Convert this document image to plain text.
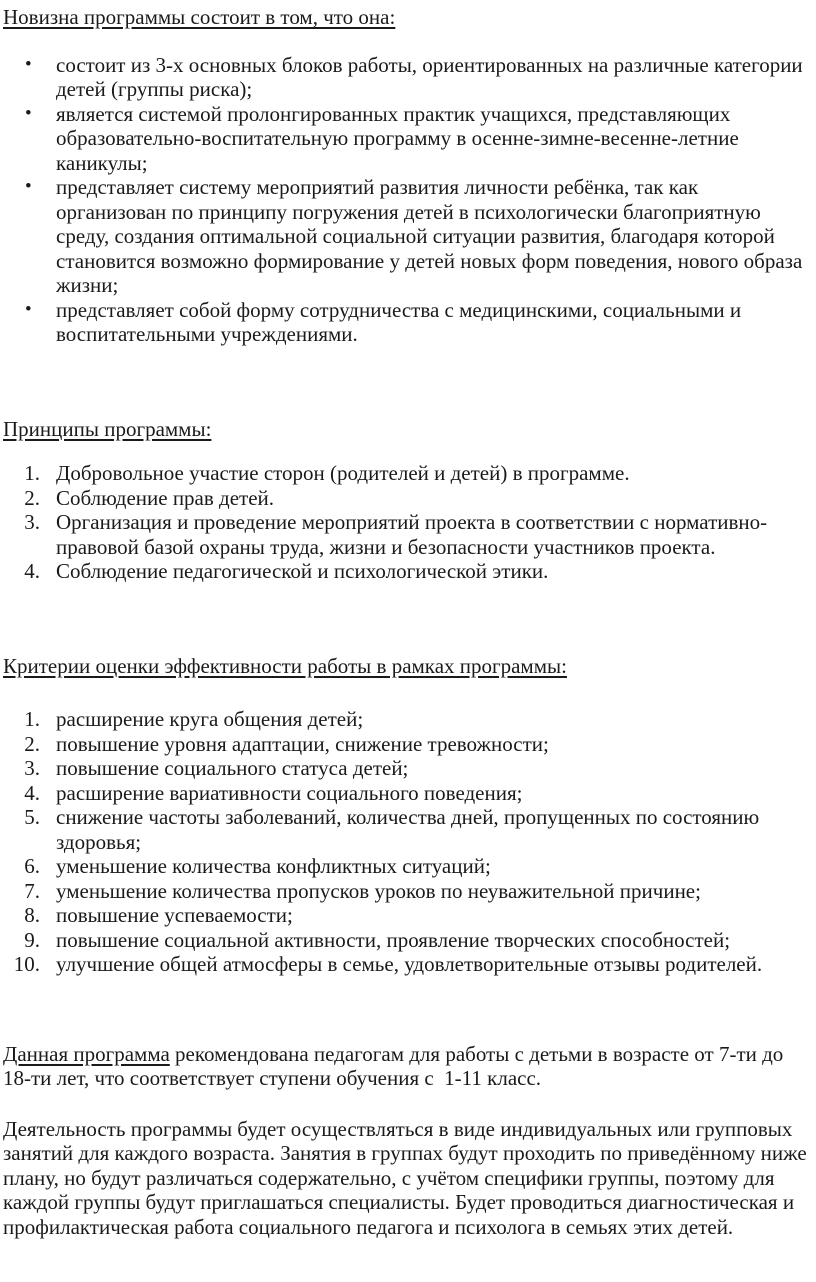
Новизна программы состоит в том, что она:

•	состоит из 3-х основных блоков работы, ориентированных на различные категории детей (группы риска);
•	является системой пролонгированных практик учащихся, представляющих образовательно-воспитательную программу в осенне-зимне-весенне-летние каникулы;
•	представляет систему мероприятий развития личности ребёнка, так как организован по принципу погружения детей в психологически благоприятную среду, создания оптимальной социальной ситуации развития, благодаря которой становится возможно формирование у детей новых форм поведения, нового образа жизни;
•	представляет собой форму сотрудничества с медицинскими, социальными и воспитательными учреждениями.

Принципы программы:

1. Добровольное участие сторон (родителей и детей) в программе.
2. Соблюдение прав детей.
3. Организация и проведение мероприятий проекта в соответствии с нормативно-правовой базой охраны труда, жизни и безопасности участников проекта.
4. Соблюдение педагогической и психологической этики.

Критерии оценки эффективности работы в рамках программы:

1. расширение круга общения детей;
2. повышение уровня адаптации, снижение тревожности;
3. повышение социального статуса детей;
4. расширение вариативности социального поведения;
5. снижение частоты заболеваний, количества дней, пропущенных по состоянию здоровья;
6. уменьшение количества конфликтных ситуаций;
7. уменьшение количества пропусков уроков по неуважительной причине;
8. повышение успеваемости;
9. повышение социальной активности, проявление творческих способностей;
10. улучшение общей атмосферы в семье, удовлетворительные отзывы родителей.

Данная программа рекомендована педагогам для работы с детьми в возрасте от 7-ти до 18-ти лет, что соответствует ступени обучения с  1-11 класс.

Деятельность программы будет осуществляться в виде индивидуальных или групповых занятий для каждого возраста. Занятия в группах будут проходить по приведённому ниже плану, но будут различаться содержательно, с учётом специфики группы, поэтому для каждой группы будут приглашаться специалисты. Будет проводиться диагностическая и профилактическая работа социального педагога и психолога в семьях этих детей.
